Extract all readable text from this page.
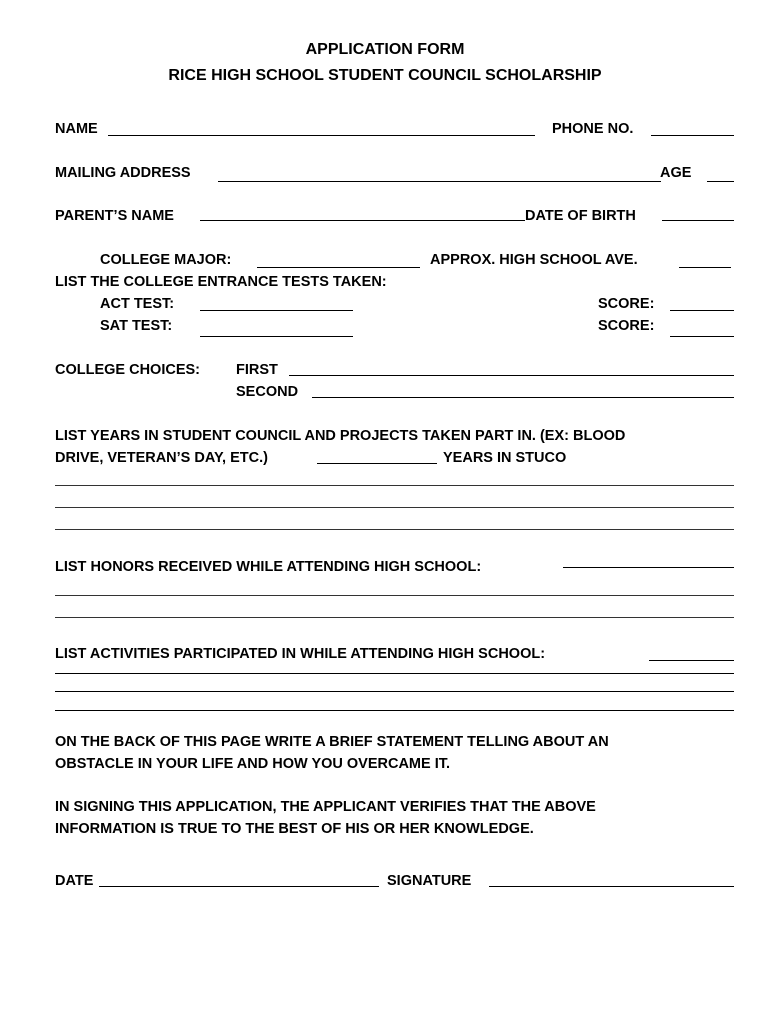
APPLICATION FORM
RICE HIGH SCHOOL STUDENT COUNCIL SCHOLARSHIP
NAME	PHONE NO.
MAILING ADDRESS	AGE
PARENT’S NAME	DATE OF BIRTH
COLLEGE MAJOR:	APPROX. HIGH SCHOOL AVE.
LIST THE COLLEGE ENTRANCE TESTS TAKEN:
ACT TEST:	SCORE:
SAT TEST:	SCORE:
COLLEGE CHOICES: FIRST
SECOND
LIST YEARS IN STUDENT COUNCIL AND PROJECTS TAKEN PART IN. (EX: BLOOD
DRIVE, VETERAN’S DAY, ETC.)	YEARS IN STUCO
LIST HONORS RECEIVED WHILE ATTENDING HIGH SCHOOL:
LIST ACTIVITIES PARTICIPATED IN WHILE ATTENDING HIGH SCHOOL:
ON THE BACK OF THIS PAGE WRITE A BRIEF STATEMENT TELLING ABOUT AN
OBSTACLE IN YOUR LIFE AND HOW YOU OVERCAME IT.
IN SIGNING THIS APPLICATION, THE APPLICANT VERIFIES THAT THE ABOVE
INFORMATION IS TRUE TO THE BEST OF HIS OR HER KNOWLEDGE.
DATE	SIGNATURE
